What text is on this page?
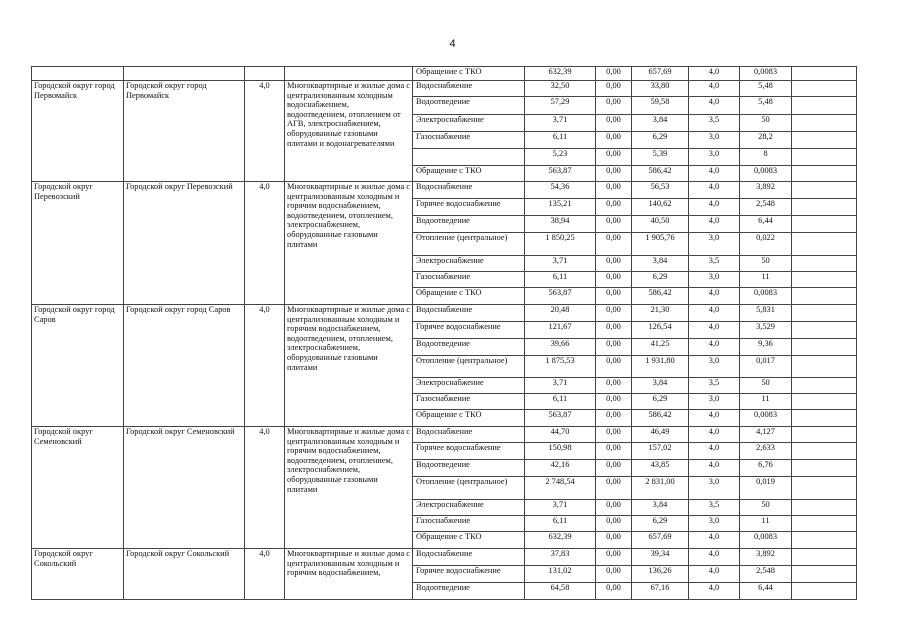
4
				Обращение с ТКО	632,39	0,00	657,69	4,0	0,0083	
Городской округ город Первомайск	Городской округ город Первомайск	4,0	Многоквартирные и жилые дома с централизованным холодным водоснабжением, водоотведением, отоплением от АГВ, электроснабжением, оборудованные газовыми плитами и водонагревателями	Водоснабжение	32,50	0,00	33,80	4,0	5,48	
				Водоотведение	57,29	0,00	59,58	4,0	5,48	
				Электроснабжение	3,71	0,00	3,84	3,5	50	
				Газоснабжение	6,11	0,00	6,29	3,0	28,2	
					5,23	0,00	5,39	3,0	8	
				Обращение с ТКО	563,87	0,00	586,42	4,0	0,0083	
Городской округ Перевозский	Городской округ Перевозский	4,0	Многоквартирные и жилые дома с централизованным холодным и горячим водоснабжением, водоотведением, отоплением, электроснабжением, оборудованные газовыми плитами	Водоснабжение	54,36	0,00	56,53	4,0	3,892	
				Горячее водоснабжение	135,21	0,00	140,62	4,0	2,548	
				Водоотведение	38,94	0,00	40,50	4,0	6,44	
				Отопление (центральное)	1 850,25	0,00	1 905,76	3,0	0,022	
				Электроснабжение	3,71	0,00	3,84	3,5	50	
				Газоснабжение	6,11	0,00	6,29	3,0	11	
				Обращение с ТКО	563,87	0,00	586,42	4,0	0,0083	
Городской округ город Саров	Городской округ город Саров	4,0	Многоквартирные и жилые дома с централизованным холодным и горячим водоснабжением, водоотведением, отоплением, электроснабжением, оборудованные газовыми плитами	Водоснабжение	20,48	0,00	21,30	4,0	5,831	
				Горячее водоснабжение	121,67	0,00	126,54	4,0	3,529	
				Водоотведение	39,66	0,00	41,25	4,0	9,36	
				Отопление (центральное)	1 875,53	0,00	1 931,80	3,0	0,017	
				Электроснабжение	3,71	0,00	3,84	3,5	50	
				Газоснабжение	6,11	0,00	6,29	3,0	11	
				Обращение с ТКО	563,87	0,00	586,42	4,0	0,0083	
Городской округ Семеновский	Городской округ Семеновский	4,0	Многоквартирные и жилые дома с централизованным холодным и горячим водоснабжением, водоотведением, отоплением, электроснабжением, оборудованные газовыми плитами	Водоснабжение	44,70	0,00	46,49	4,0	4,127	
				Горячее водоснабжение	150,98	0,00	157,02	4,0	2,633	
				Водоотведение	42,16	0,00	43,85	4,0	6,76	
				Отопление (центральное)	2 748,54	0,00	2 831,00	3,0	0,019	
				Электроснабжение	3,71	0,00	3,84	3,5	50	
				Газоснабжение	6,11	0,00	6,29	3,0	11	
				Обращение с ТКО	632,39	0,00	657,69	4,0	0,0083	
Городской округ Сокольский	Городской округ Сокольский	4,0	Многоквартирные и жилые дома с централизованным холодным и горячим водоснабжением,	Водоснабжение	37,83	0,00	39,34	4,0	3,892	
				Горячее водоснабжение	131,02	0,00	136,26	4,0	2,548	
				Водоотведение	64,58	0,00	67,16	4,0	6,44	
